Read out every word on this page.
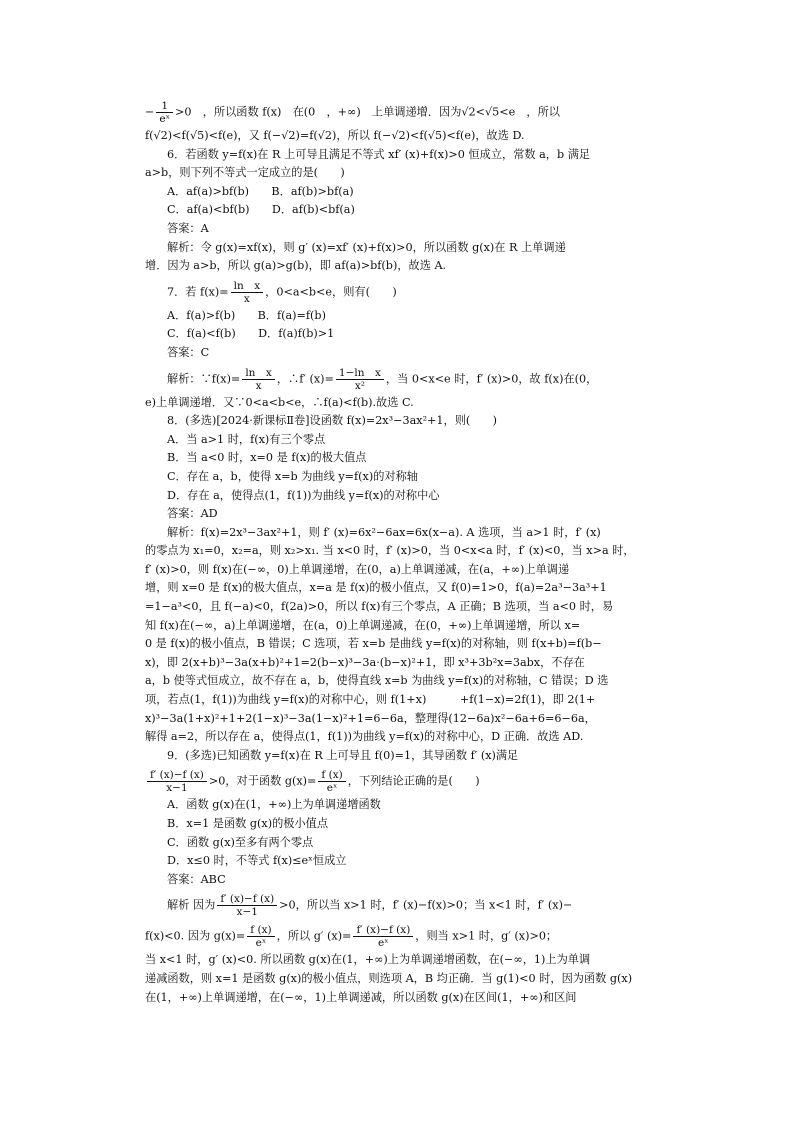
− $\frac{1}{\text{eˣ}} >0$　，所以函数 f(x)　在(0　，+∞)　上单调递增．因为√2<√5<e　，所以
f(√2)<f(√5)<f(e)，又 f(−√2)=f(√2)，所以 f(−√2)<f(√5)<f(e)，故选 D.
6．若函数 y=f(x)在 R 上可导且满足不等式 xf′ (x)+f(x)>0 恒成立，常数 a，b 满足
a>b，则下列不等式一定成立的是(　　)
A．af(a)>bf(b)　　B．af(b)>bf(a)
C．af(a)<bf(b)　　D．af(b)<bf(a)
答案：A
解析：令 g(x)=xf(x)，则 g′ (x)=xf′ (x)+f(x)>0，所以函数 g(x)在 R 上单调递
增．因为 a>b，所以 g(a)>g(b)，即 af(a)>bf(b)，故选 A.
7．若 $f(x)= \frac{\text{ln　x}}{x}$ ，0<a<b<e，则有(　　)
A．f(a)>f(b)　　B．f(a)=f(b)
C．f(a)<f(b)　　D．f(a)f(b)>1
答案：C
解析：∵f(x)= $\frac{\text{ln　x}}{x}$ ，∴f′ $(x)= \frac{\text{1−ln　x}}{\text{x²}}$ ，当 0<x<e 时，f′ (x)>0，故 f(x)在(0，
e)上单调递增．又∵0<a<b<e，∴f(a)<f(b).故选 C.
8．(多选)[2024·新课标Ⅱ卷]设函数 f(x)=2x³−3ax²+1，则(　　)
A．当 a>1 时，f(x)有三个零点
B．当 a<0 时，x=0 是 f(x)的极大值点
C．存在 a，b，使得 x=b 为曲线 y=f(x)的对称轴
D．存在 a，使得点(1，f(1))为曲线 y=f(x)的对称中心
答案：AD
解析：f(x)=2x³−3ax²+1，则 f′ (x)=6x²−6ax=6x(x−a). A 选项，当 a>1 时，f′ (x)
的零点为 x₁=0，x₂=a，则 x₂>x₁. 当 x<0 时，f′ (x)>0，当 0<x<a 时，f′ (x)<0，当 x>a 时，
f′ (x)>0，则 f(x)在(−∞，0)上单调递增，在(0，a)上单调递减，在(a，+∞)上单调递
增，则 x=0 是 f(x)的极大值点，x=a 是 f(x)的极小值点，又 f(0)=1>0，f(a)=2a³−3a³+1
=1−a³<0，且 f(−a)<0，f(2a)>0，所以 f(x)有三个零点，A 正确；B 选项，当 a<0 时，易
知 f(x)在(−∞，a)上单调递增，在(a，0)上单调递减，在(0，+∞)上单调递增，所以 x=
0 是 f(x)的极小值点，B 错误；C 选项，若 x=b 是曲线 y=f(x)的对称轴，则 f(x+b)=f(b−
x)，即 2(x+b)³−3a(x+b)²+1=2(b−x)³−3a·(b−x)²+1，即 x³+3b²x=3abx，不存在
a，b 使等式恒成立，故不存在 a，b，使得直线 x=b 为曲线 y=f(x)的对称轴，C 错误；D 选
项，若点(1，f(1))为曲线 y=f(x)的对称中心，则 f(1+x)　　　+f(1−x)=2f(1)，即 2(1+
x)³−3a(1+x)²+1+2(1−x)³−3a(1−x)²+1=6−6a，整理得(12−6a)x²−6a+6=6−6a，
解得 a=2，所以存在 a，使得点(1，f(1))为曲线 y=f(x)的对称中心，D 正确．故选 AD.
9．(多选)已知函数 y=f(x)在 R 上可导且 f(0)=1，其导函数 f′ (x)满足
$\frac{f' (x)-f (x)}{x-1} >0$，对于函数 $g(x)= \frac{f (x)}{\text{eˣ}}$ ，下列结论正确的是(　　)
A．函数 g(x)在(1，+∞)上为单调递增函数
B．x=1 是函数 g(x)的极小值点
C．函数 g(x)至多有两个零点
D．x≤0 时，不等式 f(x)≤eˣ恒成立
答案：ABC
解析 因为 $\frac{f' (x)-f (x)}{x-1} >0$，所以当 x>1 时，f′ (x)−f(x)>0；当 x<1 时，f′ (x)−
f(x)<0. 因为 $g(x)= \frac{f (x)}{\text{eˣ}}$ ，所以 g′ $(x)= \frac{f' (x)-f (x)}{\text{eˣ}}$ ，则当 x>1 时，g′ (x)>0；
当 x<1 时，g′ (x)<0. 所以函数 g(x)在(1，+∞)上为单调递增函数，在(−∞，1)上为单调
递减函数，则 x=1 是函数 g(x)的极小值点，则选项 A，B 均正确．当 g(1)<0 时，因为函数 g(x)
在(1，+∞)上单调递增，在(−∞，1)上单调递减，所以函数 g(x)在区间(1，+∞)和区间
